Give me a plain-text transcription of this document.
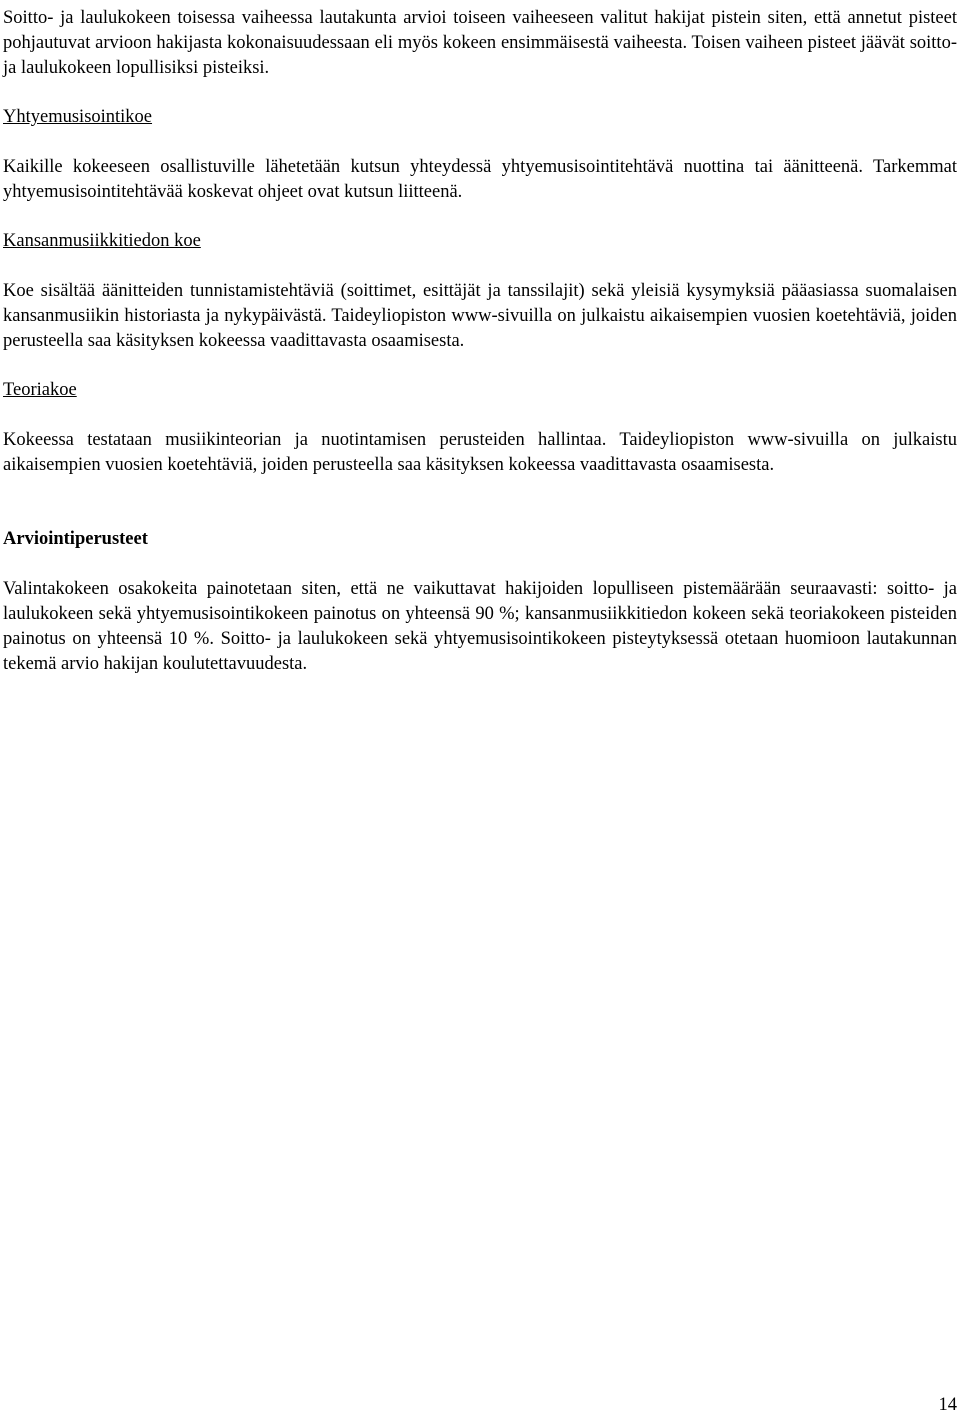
Soitto- ja laulukokeen toisessa vaiheessa lautakunta arvioi toiseen vaiheeseen valitut hakijat pistein siten, että annetut pisteet pohjautuvat arvioon hakijasta kokonaisuudessaan eli myös kokeen ensimmäisestä vaiheesta. Toisen vaiheen pisteet jäävät soitto- ja laulukokeen lopullisiksi pisteiksi.

Yhtyemusisointikoe

Kaikille kokeeseen osallistuville lähetetään kutsun yhteydessä yhtyemusisointitehtävä nuottina tai äänitteenä. Tarkemmat yhtyemusisointitehtävää koskevat ohjeet ovat kutsun liitteenä.

Kansanmusiikkitiedon koe

Koe sisältää äänitteiden tunnistamistehtäviä (soittimet, esittäjät ja tanssilajit) sekä yleisiä kysymyksiä pääasiassa suomalaisen kansanmusiikin historiasta ja nykypäivästä. Taideyliopiston www-sivuilla on julkaistu aikaisempien vuosien koetehtäviä, joiden perusteella saa käsityksen kokeessa vaadittavasta osaamisesta.

Teoriakoe

Kokeessa testataan musiikinteorian ja nuotintamisen perusteiden hallintaa. Taideyliopiston www-sivuilla on julkaistu aikaisempien vuosien koetehtäviä, joiden perusteella saa käsityksen kokeessa vaadittavasta osaamisesta.

Arviointiperusteet

Valintakokeen osakokeita painotetaan siten, että ne vaikuttavat hakijoiden lopulliseen pistemäärään seuraavasti: soitto- ja laulukokeen sekä yhtyemusisointikokeen painotus on yhteensä 90 %; kansanmusiikkitiedon kokeen sekä teoriakokeen pisteiden painotus on yhteensä 10 %. Soitto- ja laulukokeen sekä yhtyemusisointikokeen pisteytyksessä otetaan huomioon lautakunnan tekemä arvio hakijan koulutettavuudesta.

14
